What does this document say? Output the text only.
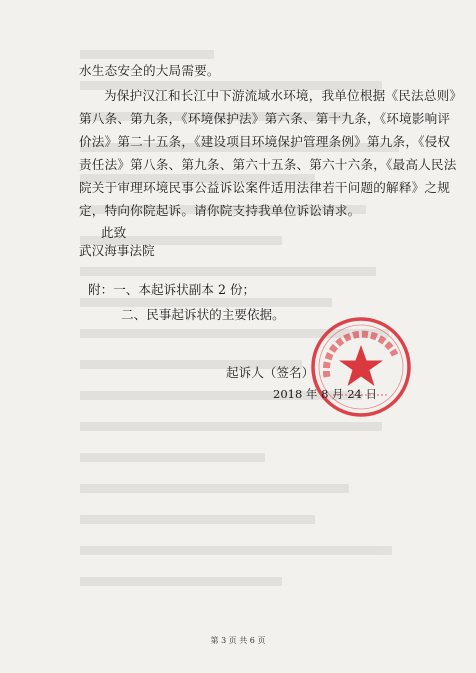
水生态安全的大局需要。
为保护汉江和长江中下游流域水环境，我单位根据《民法总则》
第八条、第九条，《环境保护法》第六条、第十九条，《环境影响评
价法》第二十五条，《建设项目环境保护管理条例》第九条，《侵权
责任法》第八条、第九条、第六十五条、第六十六条，《最高人民法
院关于审理环境民事公益诉讼案件适用法律若干问题的解释》之规
定，特向你院起诉。请你院支持我单位诉讼请求。
此致
武汉海事法院
附：一、本起诉状副本 2 份；
二、民事起诉状的主要依据。
起诉人（签名）
2018 年 8 月 24 日
第 3 页 共 6 页
